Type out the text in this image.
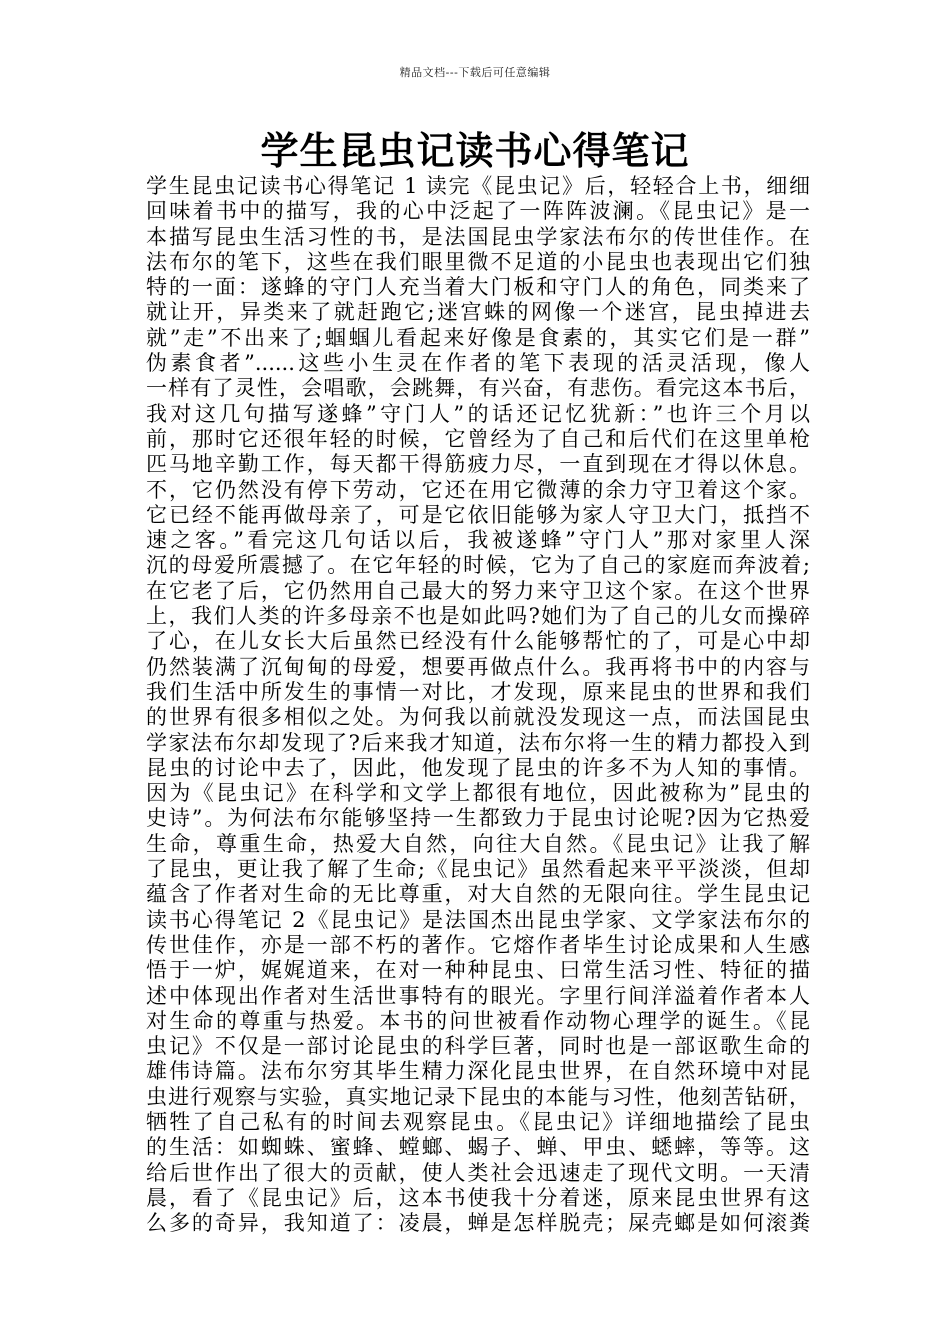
精品文档---下载后可任意编辑
学生昆虫记读书心得笔记
学生昆虫记读书心得笔记 1 读完《昆虫记》后，轻轻合上书，细细
回味着书中的描写，我的心中泛起了一阵阵波澜。《昆虫记》是一
本描写昆虫生活习性的书，是法国昆虫学家法布尔的传世佳作。在
法布尔的笔下，这些在我们眼里微不足道的小昆虫也表现出它们独
特的一面：遂蜂的守门人充当着大门板和守门人的角色，同类来了
就让开，异类来了就赶跑它;迷宫蛛的网像一个迷宫，昆虫掉进去
就”走”不出来了;蝈蝈儿看起来好像是食素的，其实它们是一群”
伪素食者”......这些小生灵在作者的笔下表现的活灵活现，像人
一样有了灵性，会唱歌，会跳舞，有兴奋，有悲伤。看完这本书后，
我对这几句描写遂蜂”守门人”的话还记忆犹新：”也许三个月以
前，那时它还很年轻的时候，它曾经为了自己和后代们在这里单枪
匹马地辛勤工作，每天都干得筋疲力尽，一直到现在才得以休息。
不，它仍然没有停下劳动，它还在用它微薄的余力守卫着这个家。
它已经不能再做母亲了，可是它依旧能够为家人守卫大门，抵挡不
速之客。”看完这几句话以后，我被遂蜂”守门人”那对家里人深
沉的母爱所震撼了。在它年轻的时候，它为了自己的家庭而奔波着;
在它老了后，它仍然用自己最大的努力来守卫这个家。在这个世界
上，我们人类的许多母亲不也是如此吗?她们为了自己的儿女而操碎
了心，在儿女长大后虽然已经没有什么能够帮忙的了，可是心中却
仍然装满了沉甸甸的母爱，想要再做点什么。我再将书中的内容与
我们生活中所发生的事情一对比，才发现，原来昆虫的世界和我们
的世界有很多相似之处。为何我以前就没发现这一点，而法国昆虫
学家法布尔却发现了?后来我才知道，法布尔将一生的精力都投入到
昆虫的讨论中去了，因此，他发现了昆虫的许多不为人知的事情。
因为《昆虫记》在科学和文学上都很有地位，因此被称为”昆虫的
史诗”。为何法布尔能够坚持一生都致力于昆虫讨论呢?因为它热爱
生命，尊重生命，热爱大自然，向往大自然。《昆虫记》让我了解
了昆虫，更让我了解了生命;《昆虫记》虽然看起来平平淡淡，但却
蕴含了作者对生命的无比尊重，对大自然的无限向往。学生昆虫记
读书心得笔记 2《昆虫记》是法国杰出昆虫学家、文学家法布尔的
传世佳作，亦是一部不朽的著作。它熔作者毕生讨论成果和人生感
悟于一炉，娓娓道来，在对一种种昆虫、曰常生活习性、特征的描
述中体现出作者对生活世事特有的眼光。字里行间洋溢着作者本人
对生命的尊重与热爱。本书的问世被看作动物心理学的诞生。《昆
虫记》不仅是一部讨论昆虫的科学巨著，同时也是一部讴歌生命的
雄伟诗篇。法布尔穷其毕生精力深化昆虫世界，在自然环境中对昆
虫进行观察与实验，真实地记录下昆虫的本能与习性，他刻苦钻研，
牺牲了自己私有的时间去观察昆虫。《昆虫记》详细地描绘了昆虫
的生活：如蜘蛛、蜜蜂、螳螂、蝎子、蝉、甲虫、蟋蟀，等等。这
给后世作出了很大的贡献，使人类社会迅速走了现代文明。一天清
晨，看了《昆虫记》后，这本书使我十分着迷，原来昆虫世界有这
么多的奇异，我知道了：凌晨，蝉是怎样脱壳；屎壳螂是如何滚粪
